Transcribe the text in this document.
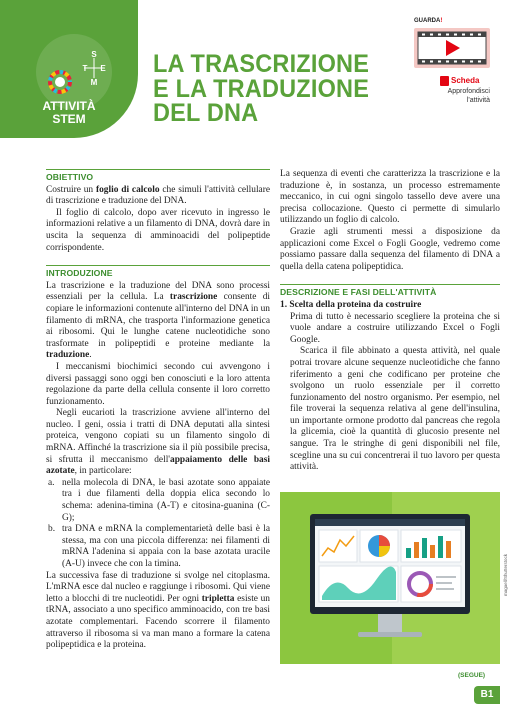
S
T E
M
ATTIVITÀ
STEM
LA TRASCRIZIONE
E LA TRADUZIONE
DEL DNA
GUARDA!
Scheda
Approfondisci
l'attività
OBIETTIVO

Costruire un foglio di calcolo che simuli l'attività cellulare di trascrizione e traduzione del DNA.

Il foglio di calcolo, dopo aver ricevuto in ingresso le informazioni relative a un filamento di DNA, dovrà dare in uscita la sequenza di amminoacidi del polipeptide corrispondente.

INTRODUZIONE

La trascrizione e la traduzione del DNA sono processi essenziali per la cellula. La trascrizione consente di copiare le informazioni contenute all'interno del DNA in un filamento di mRNA, che trasporta l'informazione genetica ai ribosomi. Qui le lunghe catene nucleotidiche sono trasformate in polipeptidi e proteine mediante la traduzione.

I meccanismi biochimici secondo cui avvengono i diversi passaggi sono oggi ben conosciuti e la loro attenta regolazione da parte della cellula consente il loro corretto funzionamento.

Negli eucarioti la trascrizione avviene all'interno del nucleo. I geni, ossia i tratti di DNA deputati alla sintesi proteica, vengono copiati su un filamento singolo di mRNA. Affinché la trascrizione sia il più possibile precisa, si sfrutta il meccanismo dell'appaiamento delle basi azotate, in particolare:

a. nella molecola di DNA, le basi azotate sono appaiate tra i due filamenti della doppia elica secondo lo schema: adenina-timina (A-T) e citosina-guanina (C-G);
b. tra DNA e mRNA la complementarietà delle basi è la stessa, ma con una piccola differenza: nei filamenti di mRNA l'adenina si appaia con la base azotata uracile (A-U) invece che con la timina.

La successiva fase di traduzione si svolge nel citoplasma. L'mRNA esce dal nucleo e raggiunge i ribosomi. Qui viene letto a blocchi di tre nucleotidi. Per ogni tripletta esiste un tRNA, associato a uno specifico amminoacido, con tre basi azotate complementari. Facendo scorrere il filamento attraverso il ribosoma si va man mano a formare la catena polipeptidica e la proteina.

La sequenza di eventi che caratterizza la trascrizione e la traduzione è, in sostanza, un processo estremamente meccanico, in cui ogni singolo tassello deve avere una precisa collocazione. Questo ci permette di simularlo utilizzando un foglio di calcolo.

Grazie agli strumenti messi a disposizione da applicazioni come Excel o Fogli Google, vedremo come possiamo passare dalla sequenza del filamento di DNA a quella della catena polipeptidica.

DESCRIZIONE E FASI DELL'ATTIVITÀ

1. Scelta della proteina da costruire

Prima di tutto è necessario scegliere la proteina che si vuole andare a costruire utilizzando Excel o Fogli Google.

Scarica il file abbinato a questa attività, nel quale potrai trovare alcune sequenze nucleotidiche che fanno riferimento a geni che codificano per proteine che svolgono un ruolo essenziale per il corretto funzionamento del nostro organismo. Per esempio, nel file troverai la sequenza relativa al gene dell'insulina, un importante ormone prodotto dal pancreas che regola la glicemia, cioè la quantità di glucosio presente nel sangue. Tra le stringhe di geni disponibili nel file, scegline una su cui concentrerai il tuo lavoro per questa attività.

magaell/Shutterstock
(SEGUE)
B1
